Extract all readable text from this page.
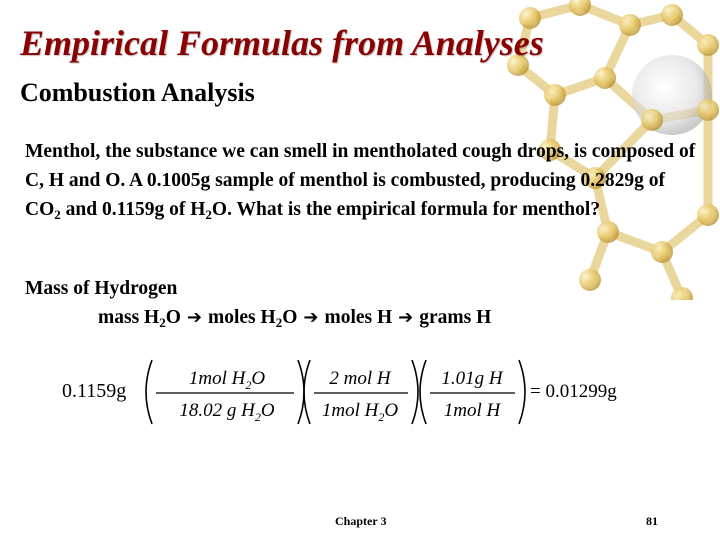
Empirical Formulas from Analyses
Combustion Analysis

Menthol, the substance we can smell in mentholated cough drops, is composed of C, H and O. A 0.1005g sample of menthol is combusted, producing 0.2829g of $CO_2$ and 0.1159g of $H_2O$. What is the empirical formula for menthol?

Mass of Hydrogen

mass $H_2O$ ➔ moles $H_2O$ ➔ moles H ➔ grams H

0.1159g
1mol $H_2O$
18.02 g $H_2O$
2 mol H
1mol $H_2O$
1.01g H
1mol H
= 0.01299g
Chapter 3	81
